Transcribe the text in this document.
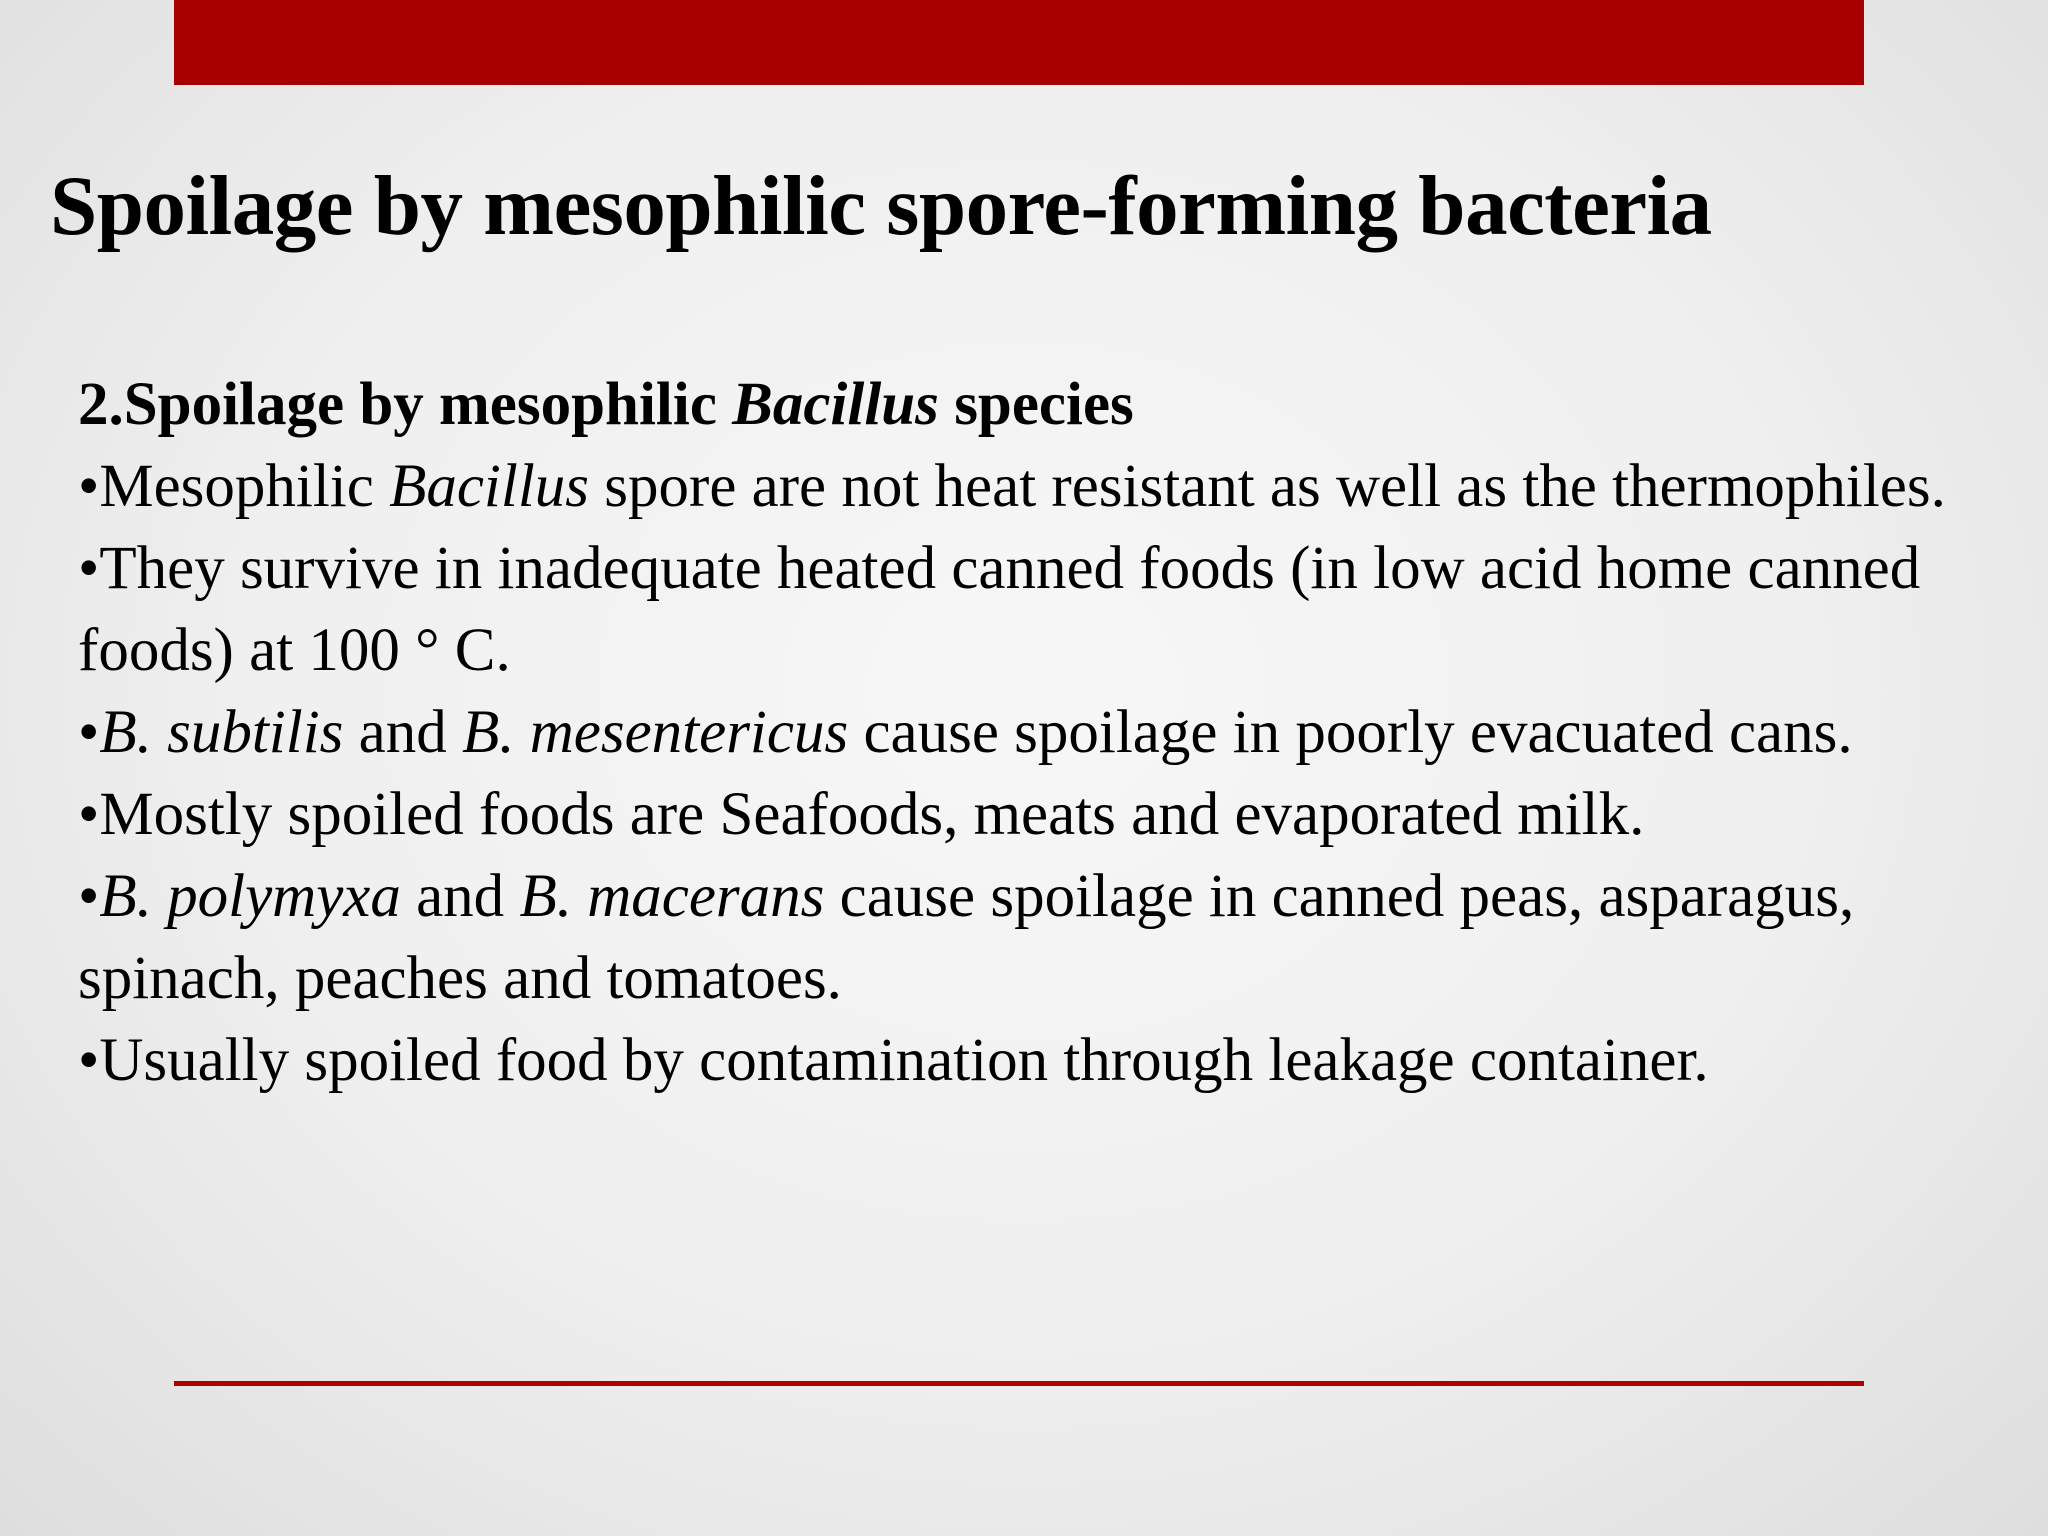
Spoilage by mesophilic spore-forming bacteria

2.Spoilage by mesophilic Bacillus species

•Mesophilic Bacillus spore are not heat resistant as well as the thermophiles.

•They survive in inadequate heated canned foods (in low acid home canned foods) at 100 ° C.

•B. subtilis and B. mesentericus cause spoilage in poorly evacuated cans.

•Mostly spoiled foods are Seafoods, meats and evaporated milk.

•B. polymyxa and B. macerans cause spoilage in canned peas, asparagus, spinach, peaches and tomatoes.

•Usually spoiled food by contamination through leakage container.
